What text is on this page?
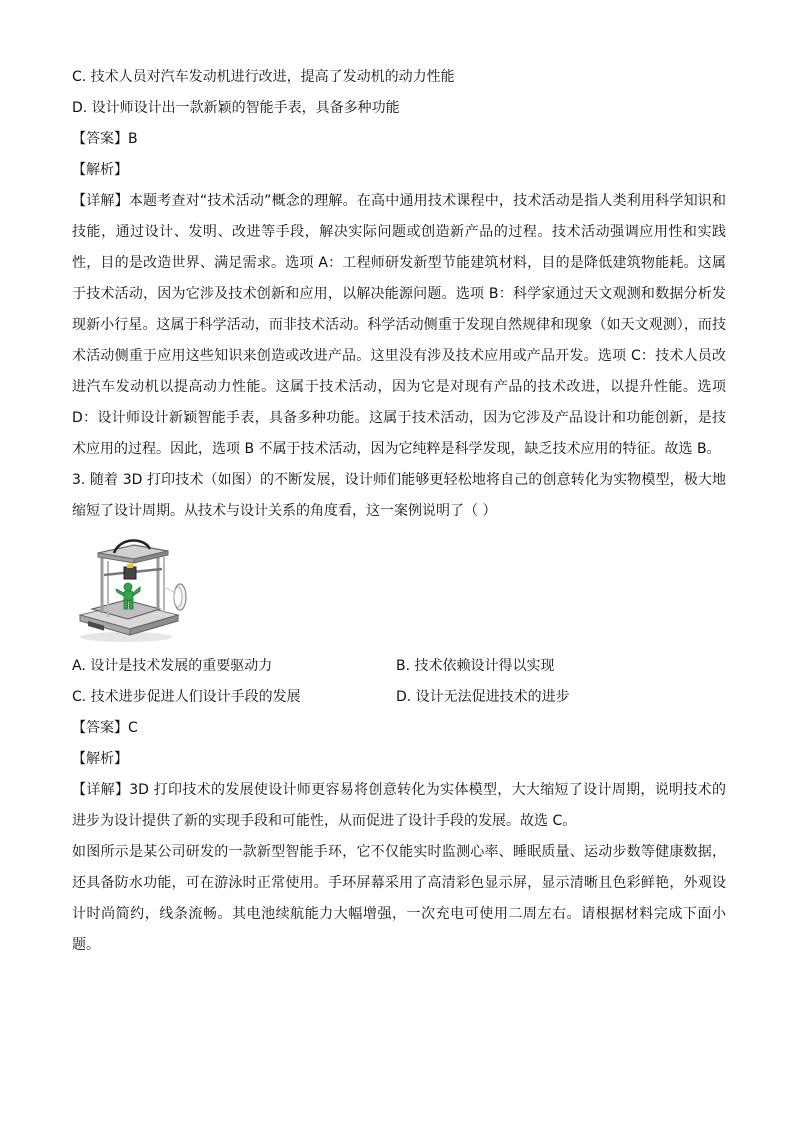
C. 技术人员对汽车发动机进行改进，提高了发动机的动力性能

D. 设计师设计出一款新颖的智能手表，具备多种功能

【答案】B

【解析】

【详解】本题考查对“技术活动”概念的理解。在高中通用技术课程中，技术活动是指人类利用科学知识和技能，通过设计、发明、改进等手段，解决实际问题或创造新产品的过程。技术活动强调应用性和实践性，目的是改造世界、满足需求。选项 A：工程师研发新型节能建筑材料，目的是降低建筑物能耗。这属于技术活动，因为它涉及技术创新和应用，以解决能源问题。选项 B：科学家通过天文观测和数据分析发现新小行星。这属于科学活动，而非技术活动。科学活动侧重于发现自然规律和现象（如天文观测），而技术活动侧重于应用这些知识来创造或改进产品。这里没有涉及技术应用或产品开发。选项 C：技术人员改进汽车发动机以提高动力性能。这属于技术活动，因为它是对现有产品的技术改进，以提升性能。选项 D：设计师设计新颖智能手表，具备多种功能。这属于技术活动，因为它涉及产品设计和功能创新，是技术应用的过程。因此，选项 B 不属于技术活动，因为它纯粹是科学发现，缺乏技术应用的特征。故选 B。

3. 随着 3D 打印技术（如图）的不断发展，设计师们能够更轻松地将自己的创意转化为实物模型，极大地缩短了设计周期。从技术与设计关系的角度看，这一案例说明了（ ）

A. 设计是技术发展的重要驱动力	B. 技术依赖设计得以实现
C. 技术进步促进人们设计手段的发展	D. 设计无法促进技术的进步

【答案】C

【解析】

【详解】3D 打印技术的发展使设计师更容易将创意转化为实体模型，大大缩短了设计周期，说明技术的进步为设计提供了新的实现手段和可能性，从而促进了设计手段的发展。故选 C。

如图所示是某公司研发的一款新型智能手环，它不仅能实时监测心率、睡眠质量、运动步数等健康数据，还具备防水功能，可在游泳时正常使用。手环屏幕采用了高清彩色显示屏，显示清晰且色彩鲜艳，外观设计时尚简约，线条流畅。其电池续航能力大幅增强，一次充电可使用二周左右。请根据材料完成下面小题。
